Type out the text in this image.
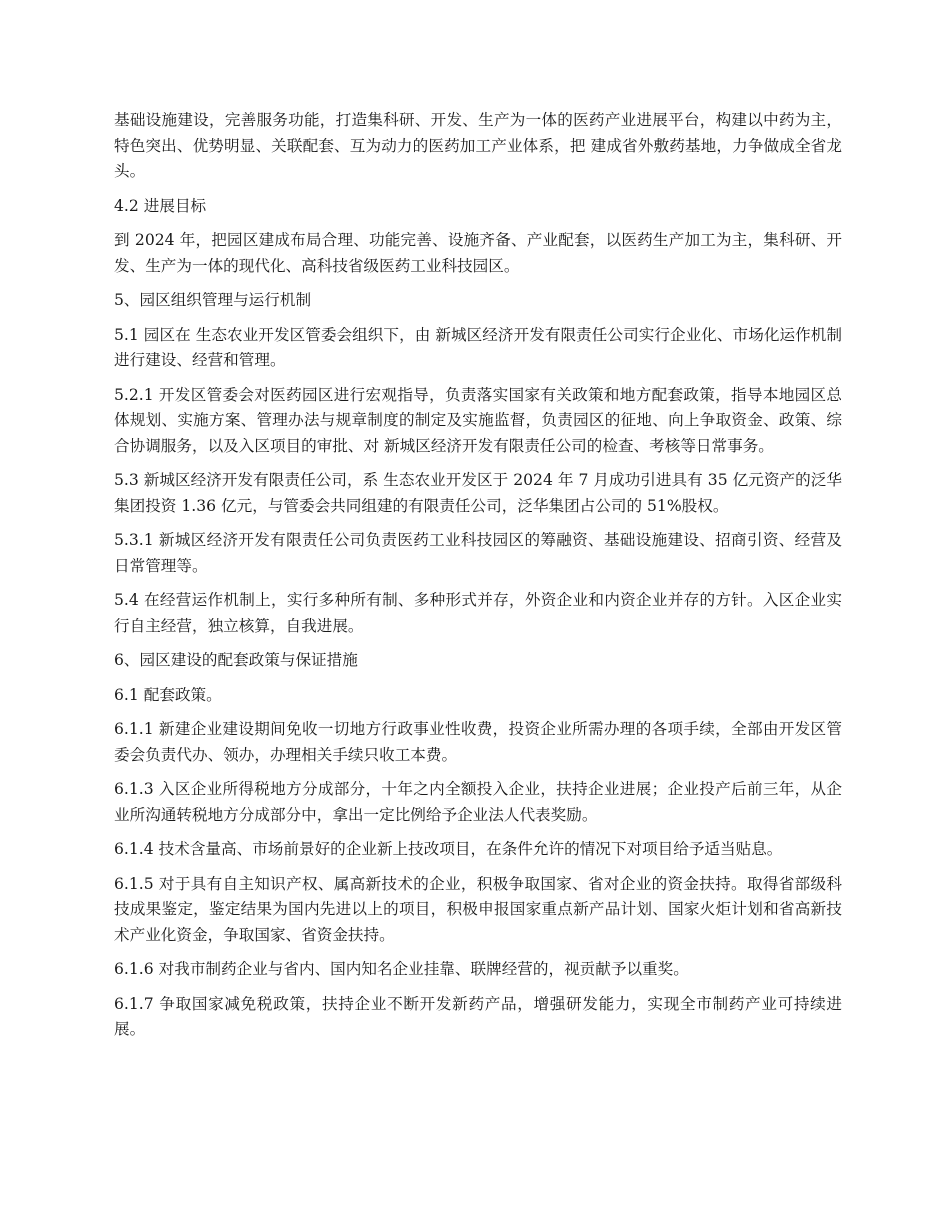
基础设施建设，完善服务功能，打造集科研、开发、生产为一体的医药产业进展平台，构建以中药为主，特色突出、优势明显、关联配套、互为动力的医药加工产业体系，把 建成省外敷药基地，力争做成全省龙头。

4.2 进展目标

到 2024 年，把园区建成布局合理、功能完善、设施齐备、产业配套，以医药生产加工为主，集科研、开发、生产为一体的现代化、高科技省级医药工业科技园区。

5、园区组织管理与运行机制

5.1 园区在 生态农业开发区管委会组织下，由 新城区经济开发有限责任公司实行企业化、市场化运作机制进行建设、经营和管理。

5.2.1 开发区管委会对医药园区进行宏观指导，负责落实国家有关政策和地方配套政策，指导本地园区总体规划、实施方案、管理办法与规章制度的制定及实施监督，负责园区的征地、向上争取资金、政策、综合协调服务，以及入区项目的审批、对 新城区经济开发有限责任公司的检查、考核等日常事务。

5.3 新城区经济开发有限责任公司，系 生态农业开发区于 2024 年 7 月成功引进具有 35 亿元资产的泛华集团投资 1.36 亿元，与管委会共同组建的有限责任公司，泛华集团占公司的 51%股权。

5.3.1 新城区经济开发有限责任公司负责医药工业科技园区的筹融资、基础设施建设、招商引资、经营及日常管理等。

5.4 在经营运作机制上，实行多种所有制、多种形式并存，外资企业和内资企业并存的方针。入区企业实行自主经营，独立核算，自我进展。

6、园区建设的配套政策与保证措施

6.1 配套政策。

6.1.1 新建企业建设期间免收一切地方行政事业性收费，投资企业所需办理的各项手续，全部由开发区管委会负责代办、领办，办理相关手续只收工本费。

6.1.3 入区企业所得税地方分成部分，十年之内全额投入企业，扶持企业进展；企业投产后前三年，从企业所沟通转税地方分成部分中，拿出一定比例给予企业法人代表奖励。

6.1.4 技术含量高、市场前景好的企业新上技改项目，在条件允许的情况下对项目给予适当贴息。

6.1.5 对于具有自主知识产权、属高新技术的企业，积极争取国家、省对企业的资金扶持。取得省部级科技成果鉴定，鉴定结果为国内先进以上的项目，积极申报国家重点新产品计划、国家火炬计划和省高新技术产业化资金，争取国家、省资金扶持。

6.1.6 对我市制药企业与省内、国内知名企业挂靠、联牌经营的，视贡献予以重奖。

6.1.7 争取国家减免税政策，扶持企业不断开发新药产品，增强研发能力，实现全市制药产业可持续进展。
